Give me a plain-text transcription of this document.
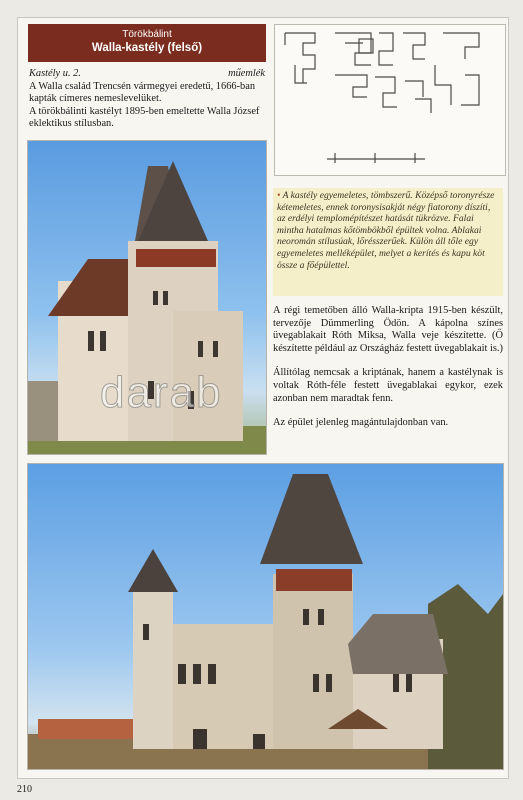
Törökbálint
Walla-kastély (felső)
Kastély u. 2.	műemlék

A Walla család Trencsén vármegyei eredetű, 1666-ban kapták címeres nemeslevelüket.

A törökbálinti kastélyt 1895-ben emeltette Walla József eklektikus stílusban.

• A kastély egyemeletes, tömbszerű. Középső toronyrésze kétemeletes, ennek toronysisakját négy fiatorony díszíti, az erdélyi templomépítészet hatását tükrözve. Falai mintha hatalmas kőtömbökből épültek volna. Ablakai neoromán stílusúak, lőrésszerűek. Külön áll tőle egy egyemeletes melléképület, melyet a kerítés és kapu köt össze a főépülettel.

A régi temetőben álló Walla-kripta 1915-ben készült, tervezője Dümmerling Ödön. A kápolna színes üvegablakait Róth Miksa, Walla veje készítette. (Ő készítette például az Országház festett üvegablakait is.)

Állítólag nemcsak a kriptának, hanem a kastélynak is voltak Róth-féle festett üvegablakai egykor, ezek azonban nem maradtak fenn.

Az épület jelenleg magántulajdonban van.

darab
210
